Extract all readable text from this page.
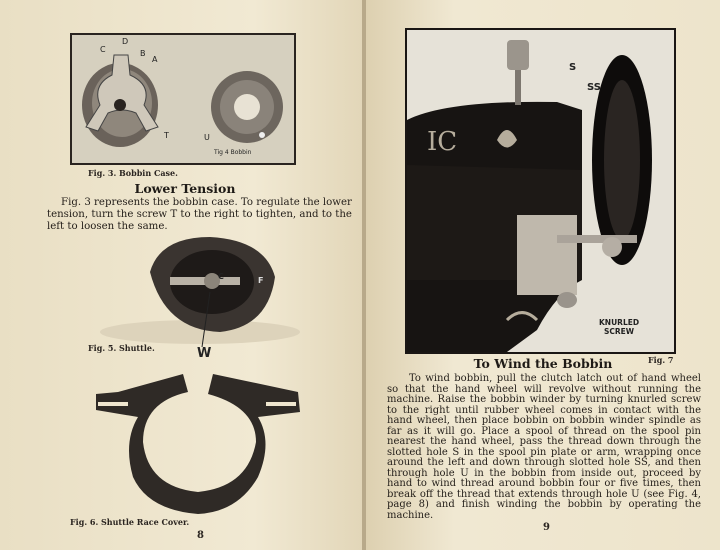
C
D
B
A
T	U
Tig 4 Bobbin
Fig. 3. Bobbin Case.
Lower Tension
Fig. 3 represents the bobbin case. To regulate the lower
tension, turn the screw T to the right to tighten, and to the
left to loosen the same.
C	F
W
Fig. 5. Shuttle.
Fig. 6. Shuttle Race Cover.
8
IC
S
SS
KNURLED
SCREW
To Wind the Bobbin	Fig. 7
To wind bobbin, pull the clutch latch out of hand wheel
so that the hand wheel will revolve without running the
machine. Raise the bobbin winder by turning knurled screw
to the right until rubber wheel comes in contact with the
hand wheel, then place bobbin on bobbin winder spindle as
far as it will go. Place a spool of thread on the spool pin
nearest the hand wheel, pass the thread down through the
slotted hole S in the spool pin plate or arm, wrapping once
around the left and down through slotted hole SS, and then
through hole U in the bobbin from inside out, proceed by
hand to wind thread around bobbin four or five times, then
break off the thread that extends through hole U (see Fig. 4,
page 8) and finish winding the bobbin by operating the
machine.
9
